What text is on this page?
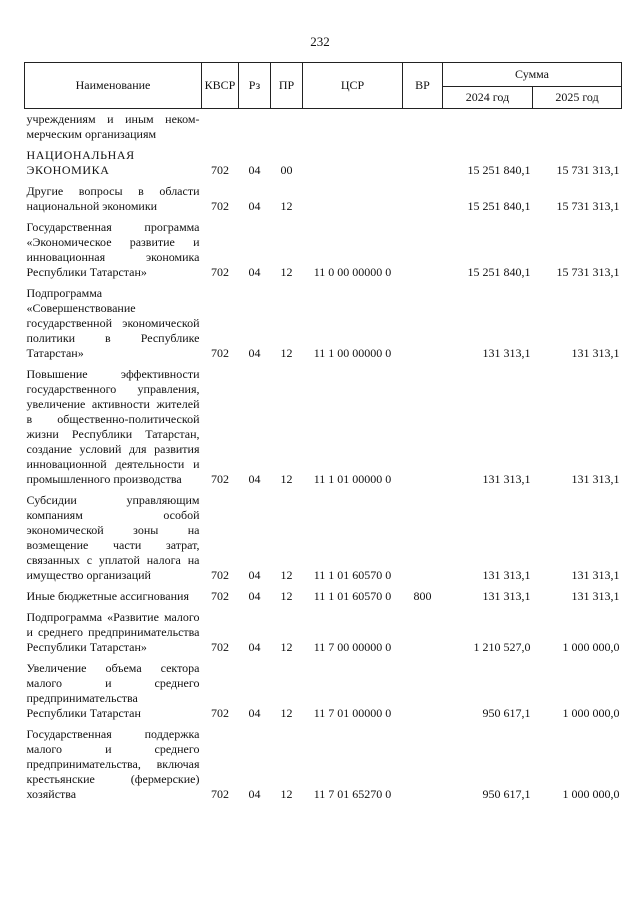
232
Наименование	КВСР	Рз	ПР	ЦСР	ВР	Сумма	
						2024 год	2025 год
учреждениям и иным неком-мерческим организациям							
НАЦИОНАЛЬНАЯ ЭКОНОМИКА	702	04	00			15 251 840,1	15 731 313,1
Другие вопросы в области национальной экономики	702	04	12			15 251 840,1	15 731 313,1
Государственная программа «Экономическое развитие и инновационная экономика Республики Татарстан»	702	04	12	11 0 00 00000 0		15 251 840,1	15 731 313,1
Подпрограмма «Совершенствование государственной экономической политики в Республике Татарстан»	702	04	12	11 1 00 00000 0		131 313,1	131 313,1
Повышение эффективности государственного управления, увеличение активности жителей в общественно-политической жизни Республики Татарстан, создание условий для развития инновационной деятельности и промышленного производства	702	04	12	11 1 01 00000 0		131 313,1	131 313,1
Субсидии управляющим компаниям особой экономической зоны на возмещение части затрат, связанных с уплатой налога на имущество организаций	702	04	12	11 1 01 60570 0		131 313,1	131 313,1
Иные бюджетные ассигнования	702	04	12	11 1 01 60570 0	800	131 313,1	131 313,1
Подпрограмма «Развитие малого и среднего предпринимательства Республики Татарстан»	702	04	12	11 7 00 00000 0		1 210 527,0	1 000 000,0
Увеличение объема сектора малого и среднего предпринимательства Республики Татарстан	702	04	12	11 7 01 00000 0		950 617,1	1 000 000,0
Государственная поддержка малого и среднего предпринимательства, включая крестьянские (фермерские) хозяйства	702	04	12	11 7 01 65270 0		950 617,1	1 000 000,0
